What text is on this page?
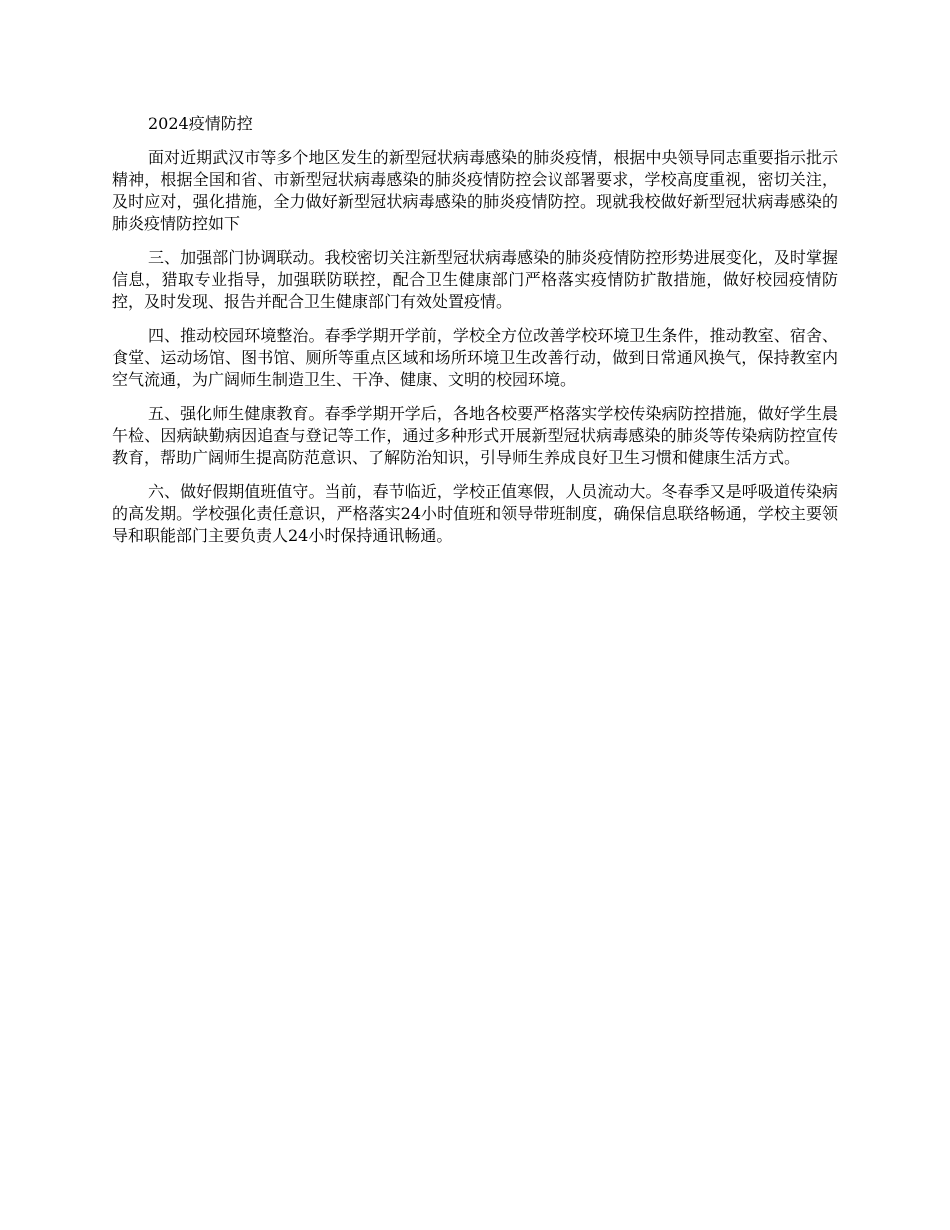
2024疫情防控

面对近期武汉市等多个地区发生的新型冠状病毒感染的肺炎疫情，根据中央领导同志重要指示批示精神，根据全国和省、市新型冠状病毒感染的肺炎疫情防控会议部署要求，学校高度重视，密切关注，及时应对，强化措施，全力做好新型冠状病毒感染的肺炎疫情防控。现就我校做好新型冠状病毒感染的肺炎疫情防控如下

三、加强部门协调联动。我校密切关注新型冠状病毒感染的肺炎疫情防控形势进展变化，及时掌握信息，猎取专业指导，加强联防联控，配合卫生健康部门严格落实疫情防扩散措施，做好校园疫情防控，及时发现、报告并配合卫生健康部门有效处置疫情。

四、推动校园环境整治。春季学期开学前，学校全方位改善学校环境卫生条件，推动教室、宿舍、食堂、运动场馆、图书馆、厕所等重点区域和场所环境卫生改善行动，做到日常通风换气，保持教室内空气流通，为广阔师生制造卫生、干净、健康、文明的校园环境。

五、强化师生健康教育。春季学期开学后，各地各校要严格落实学校传染病防控措施，做好学生晨午检、因病缺勤病因追查与登记等工作，通过多种形式开展新型冠状病毒感染的肺炎等传染病防控宣传教育，帮助广阔师生提高防范意识、了解防治知识，引导师生养成良好卫生习惯和健康生活方式。

六、做好假期值班值守。当前，春节临近，学校正值寒假，人员流动大。冬春季又是呼吸道传染病的高发期。学校强化责任意识，严格落实24小时值班和领导带班制度，确保信息联络畅通，学校主要领导和职能部门主要负责人24小时保持通讯畅通。
